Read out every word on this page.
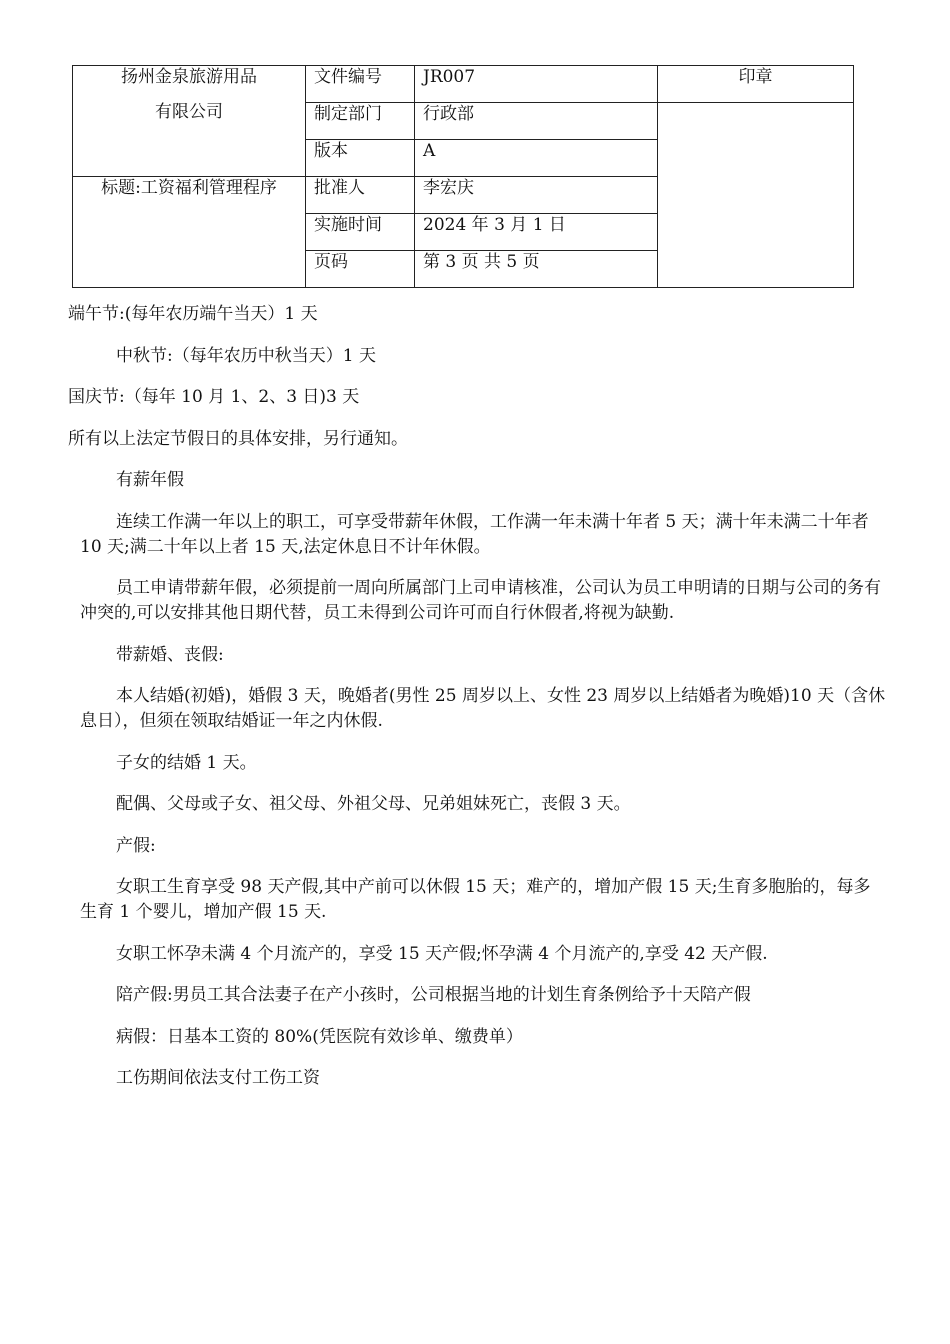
扬州金泉旅游用品
有限公司	文件编号	JR007	印章
	制定部门	行政部	
	版本	A	
标题:工资福利管理程序	批准人	李宏庆	
	实施时间	2024 年 3 月 1 日	
	页码	第 3 页 共 5 页	

端午节:(每年农历端午当天）1 天

中秋节:（每年农历中秋当天）1 天

国庆节:（每年 10 月 1、2、3 日)3 天

所有以上法定节假日的具体安排，另行通知。

有薪年假

连续工作满一年以上的职工，可享受带薪年休假，工作满一年未满十年者 5 天；满十年未满二十年者 10 天;满二十年以上者 15 天,法定休息日不计年休假。

员工申请带薪年假，必须提前一周向所属部门上司申请核准，公司认为员工申明请的日期与公司的务有冲突的,可以安排其他日期代替，员工未得到公司许可而自行休假者,将视为缺勤.

带薪婚、丧假:

本人结婚(初婚)，婚假 3 天，晚婚者(男性 25 周岁以上、女性 23 周岁以上结婚者为晚婚)10 天（含休息日），但须在领取结婚证一年之内休假.

子女的结婚 1 天。

配偶、父母或子女、祖父母、外祖父母、兄弟姐妹死亡，丧假 3 天。

产假:

女职工生育享受 98 天产假,其中产前可以休假 15 天；难产的，增加产假 15 天;生育多胞胎的，每多生育 1 个婴儿，增加产假 15 天.

女职工怀孕未满 4 个月流产的，享受 15 天产假;怀孕满 4 个月流产的,享受 42 天产假.

陪产假:男员工其合法妻子在产小孩时，公司根据当地的计划生育条例给予十天陪产假

病假：日基本工资的 80%(凭医院有效诊单、缴费单）

工伤期间依法支付工伤工资
